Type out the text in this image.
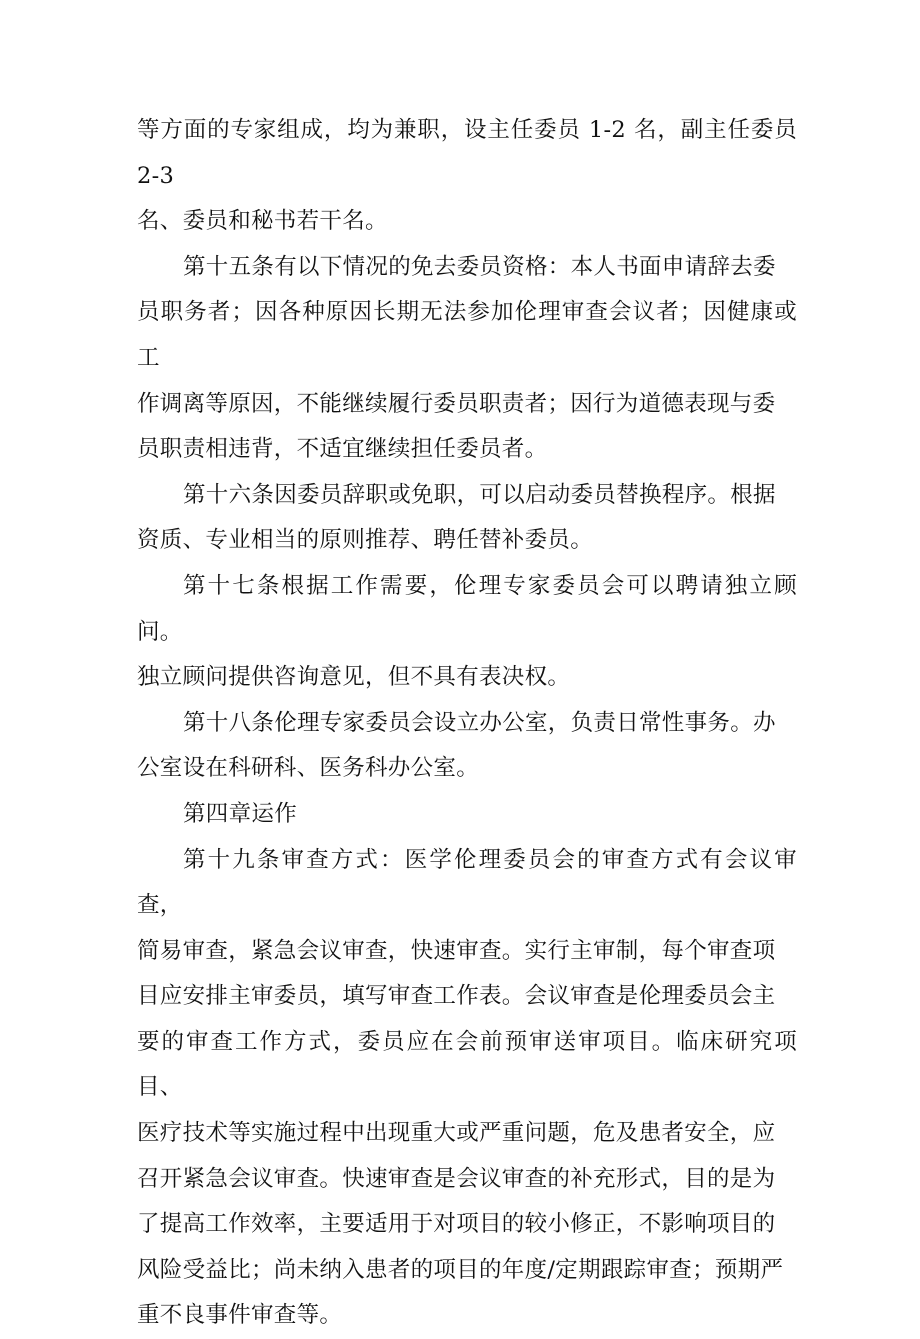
等方面的专家组成，均为兼职，设主任委员 1-2 名，副主任委员 2-3
名、委员和秘书若干名。

第十五条有以下情况的免去委员资格：本人书面申请辞去委
员职务者；因各种原因长期无法参加伦理审查会议者；因健康或工
作调离等原因，不能继续履行委员职责者；因行为道德表现与委
员职责相违背，不适宜继续担任委员者。

第十六条因委员辞职或免职，可以启动委员替换程序。根据
资质、专业相当的原则推荐、聘任替补委员。

第十七条根据工作需要，伦理专家委员会可以聘请独立顾问。
独立顾问提供咨询意见，但不具有表决权。

第十八条伦理专家委员会设立办公室，负责日常性事务。办
公室设在科研科、医务科办公室。

第四章运作

第十九条审查方式：医学伦理委员会的审查方式有会议审查，
简易审查，紧急会议审查，快速审查。实行主审制，每个审查项
目应安排主审委员，填写审查工作表。会议审查是伦理委员会主
要的审查工作方式，委员应在会前预审送审项目。临床研究项目、
医疗技术等实施过程中出现重大或严重问题，危及患者安全，应
召开紧急会议审查。快速审查是会议审查的补充形式，目的是为
了提高工作效率，主要适用于对项目的较小修正，不影响项目的
风险受益比；尚未纳入患者的项目的年度/定期跟踪审查；预期严
重不良事件审查等。
